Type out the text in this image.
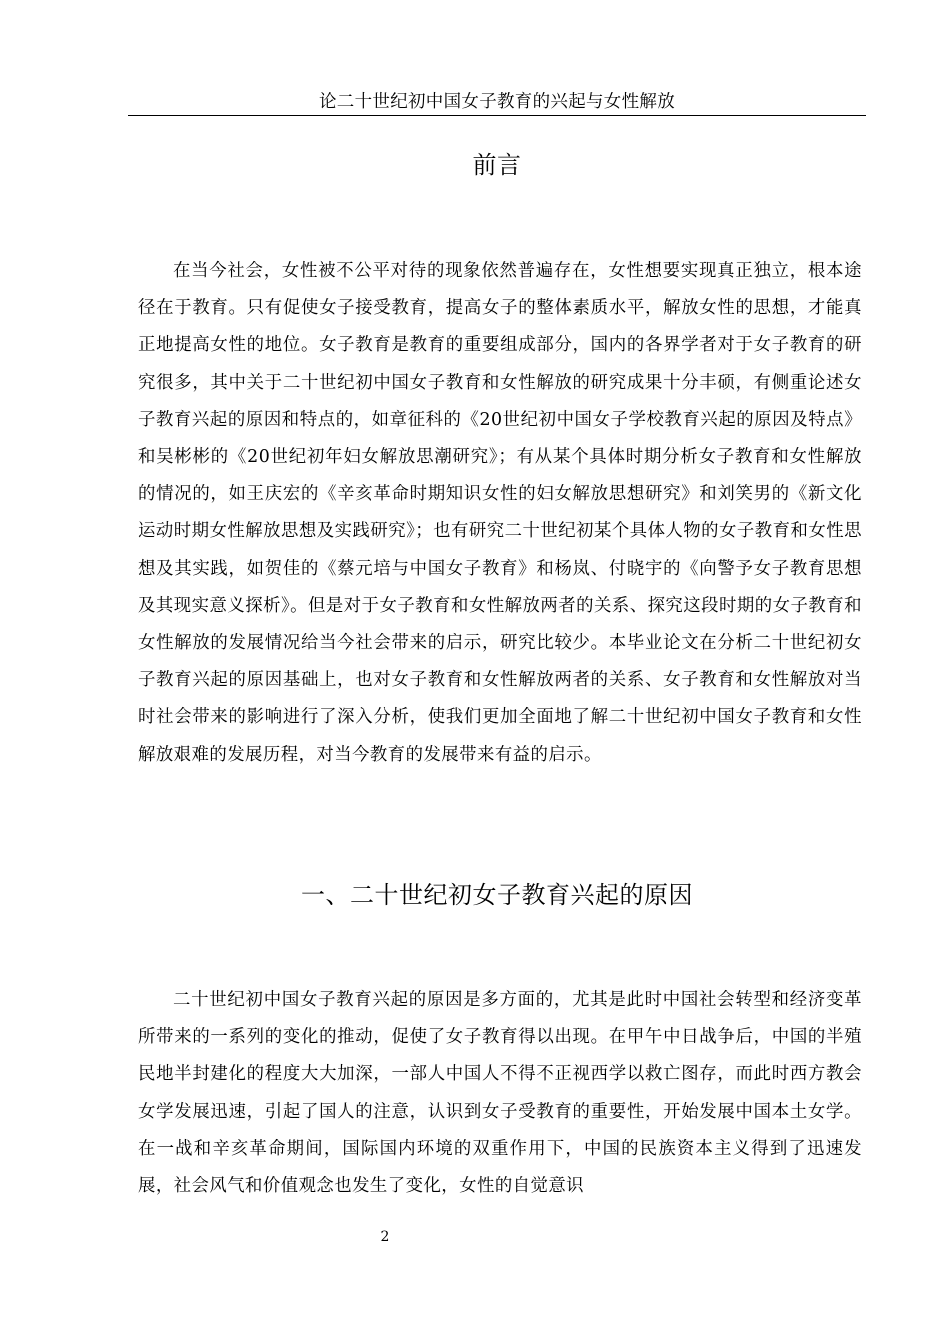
论二十世纪初中国女子教育的兴起与女性解放
前言
在当今社会，女性被不公平对待的现象依然普遍存在，女性想要实现真正独立，根本途径在于教育。只有促使女子接受教育，提高女子的整体素质水平，解放女性的思想，才能真正地提高女性的地位。女子教育是教育的重要组成部分，国内的各界学者对于女子教育的研究很多，其中关于二十世纪初中国女子教育和女性解放的研究成果十分丰硕，有侧重论述女子教育兴起的原因和特点的，如章征科的《20世纪初中国女子学校教育兴起的原因及特点》和吴彬彬的《20世纪初年妇女解放思潮研究》；有从某个具体时期分析女子教育和女性解放的情况的，如王庆宏的《辛亥革命时期知识女性的妇女解放思想研究》和刘笑男的《新文化运动时期女性解放思想及实践研究》；也有研究二十世纪初某个具体人物的女子教育和女性思想及其实践，如贺佳的《蔡元培与中国女子教育》和杨岚、付晓宇的《向警予女子教育思想及其现实意义探析》。但是对于女子教育和女性解放两者的关系、探究这段时期的女子教育和女性解放的发展情况给当今社会带来的启示，研究比较少。本毕业论文在分析二十世纪初女子教育兴起的原因基础上，也对女子教育和女性解放两者的关系、女子教育和女性解放对当时社会带来的影响进行了深入分析，使我们更加全面地了解二十世纪初中国女子教育和女性解放艰难的发展历程，对当今教育的发展带来有益的启示。
一、二十世纪初女子教育兴起的原因
二十世纪初中国女子教育兴起的原因是多方面的，尤其是此时中国社会转型和经济变革所带来的一系列的变化的推动，促使了女子教育得以出现。在甲午中日战争后，中国的半殖民地半封建化的程度大大加深，一部人中国人不得不正视西学以救亡图存，而此时西方教会女学发展迅速，引起了国人的注意，认识到女子受教育的重要性，开始发展中国本土女学。在一战和辛亥革命期间，国际国内环境的双重作用下，中国的民族资本主义得到了迅速发展，社会风气和价值观念也发生了变化，女性的自觉意识
2
